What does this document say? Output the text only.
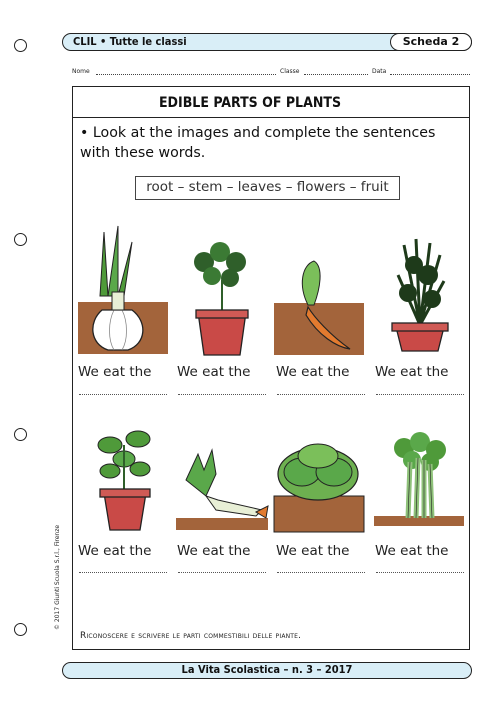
CLIL • Tutte le classi	Scheda 2
Nome	Classe	Data
EDIBLE PARTS OF PLANTS
• Look at the images and complete the sentences with these words.
root – stem – leaves – flowers – fruit
We eat the We eat the We eat the We eat the
We eat the We eat the We eat the We eat the
© 2017 Giunti Scuola S.r.l., Firenze
Riconoscere e scrivere le parti commestibili delle piante.
La Vita Scolastica – n. 3 – 2017
